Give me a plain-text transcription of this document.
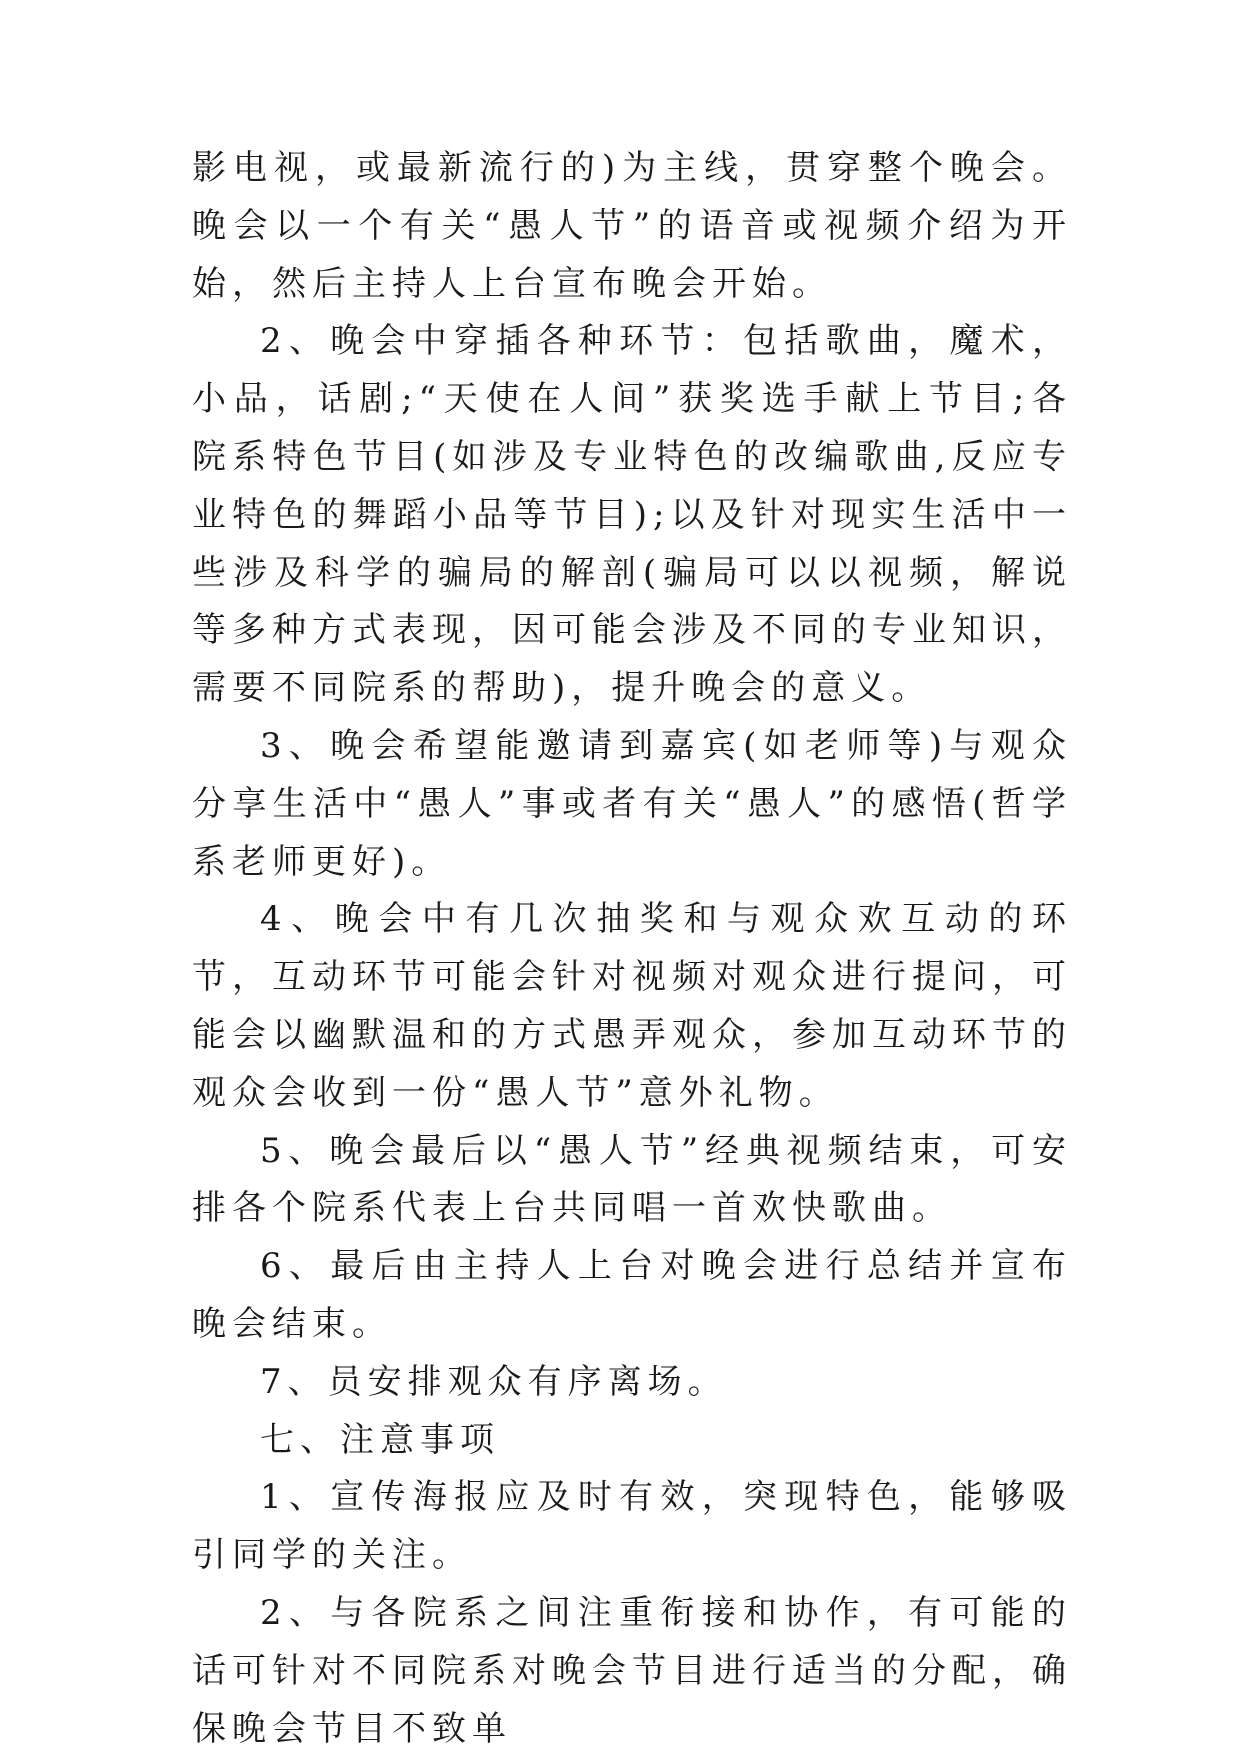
影电视，或最新流行的)为主线，贯穿整个晚会。晚会以一个有关“愚人节”的语音或视频介绍为开始，然后主持人上台宣布晚会开始。

2、晚会中穿插各种环节：包括歌曲，魔术，小品，话剧;“天使在人间”获奖选手献上节目;各院系特色节目(如涉及专业特色的改编歌曲,反应专业特色的舞蹈小品等节目);以及针对现实生活中一些涉及科学的骗局的解剖(骗局可以以视频，解说等多种方式表现，因可能会涉及不同的专业知识，需要不同院系的帮助)，提升晚会的意义。

3、晚会希望能邀请到嘉宾(如老师等)与观众分享生活中“愚人”事或者有关“愚人”的感悟(哲学系老师更好)。

4、晚会中有几次抽奖和与观众欢互动的环节，互动环节可能会针对视频对观众进行提问，可能会以幽默温和的方式愚弄观众，参加互动环节的观众会收到一份“愚人节”意外礼物。

5、晚会最后以“愚人节”经典视频结束，可安排各个院系代表上台共同唱一首欢快歌曲。

6、最后由主持人上台对晚会进行总结并宣布晚会结束。

7、员安排观众有序离场。

七、注意事项

1、宣传海报应及时有效，突现特色，能够吸引同学的关注。

2、与各院系之间注重衔接和协作，有可能的话可针对不同院系对晚会节目进行适当的分配，确保晚会节目不致单
